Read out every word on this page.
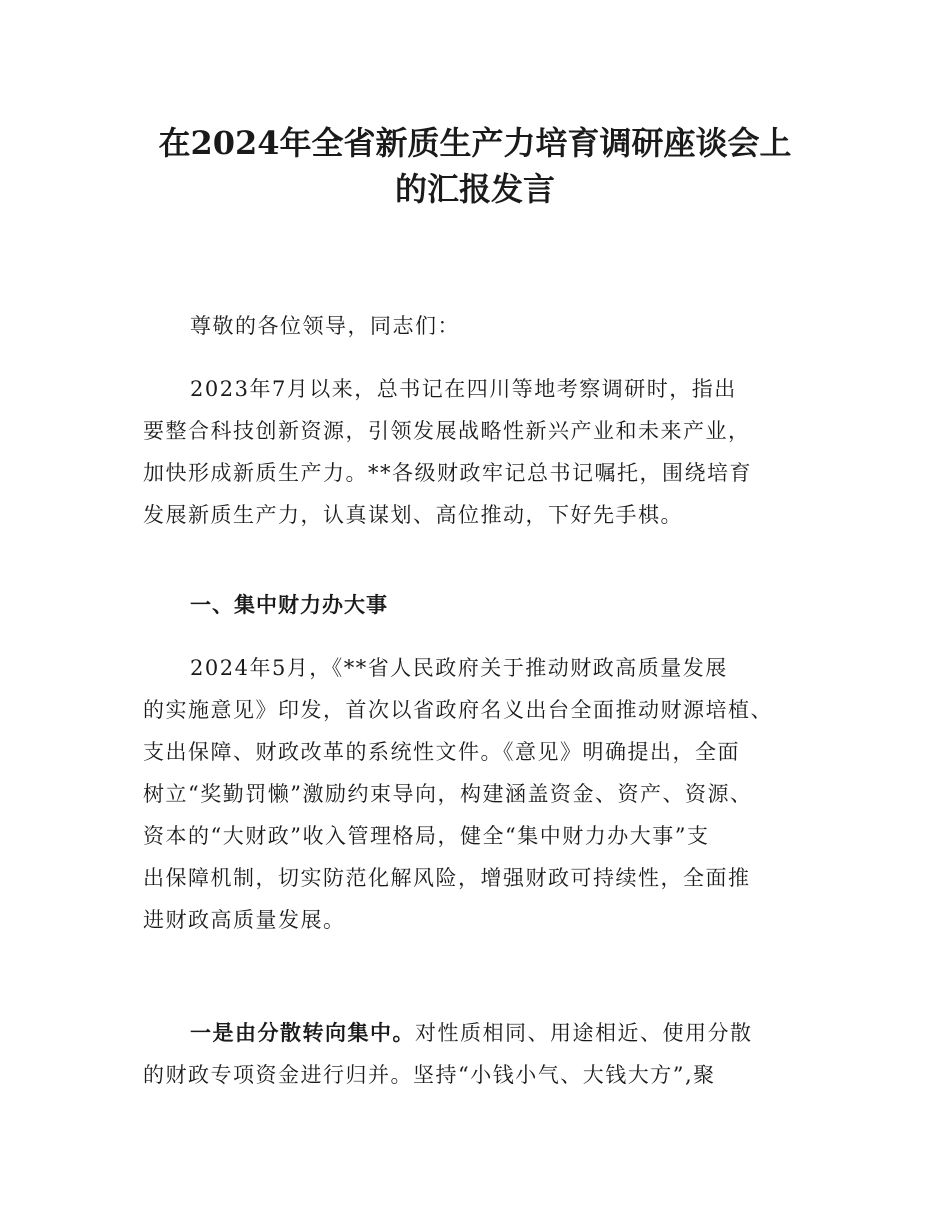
在2024年全省新质生产力培育调研座谈会上
的汇报发言
尊敬的各位领导，同志们：
2023年7月以来，总书记在四川等地考察调研时，指出
要整合科技创新资源，引领发展战略性新兴产业和未来产业，
加快形成新质生产力。**各级财政牢记总书记嘱托，围绕培育
发展新质生产力，认真谋划、高位推动，下好先手棋。
一、集中财力办大事
2024年5月，《**省人民政府关于推动财政高质量发展
的实施意见》印发，首次以省政府名义出台全面推动财源培植、
支出保障、财政改革的系统性文件。《意见》明确提出，全面
树立“奖勤罚懒”激励约束导向，构建涵盖资金、资产、资源、
资本的“大财政”收入管理格局，健全“集中财力办大事”支
出保障机制，切实防范化解风险，增强财政可持续性，全面推
进财政高质量发展。
一是由分散转向集中。对性质相同、用途相近、使用分散
的财政专项资金进行归并。坚持“小钱小气、大钱大方”,聚
